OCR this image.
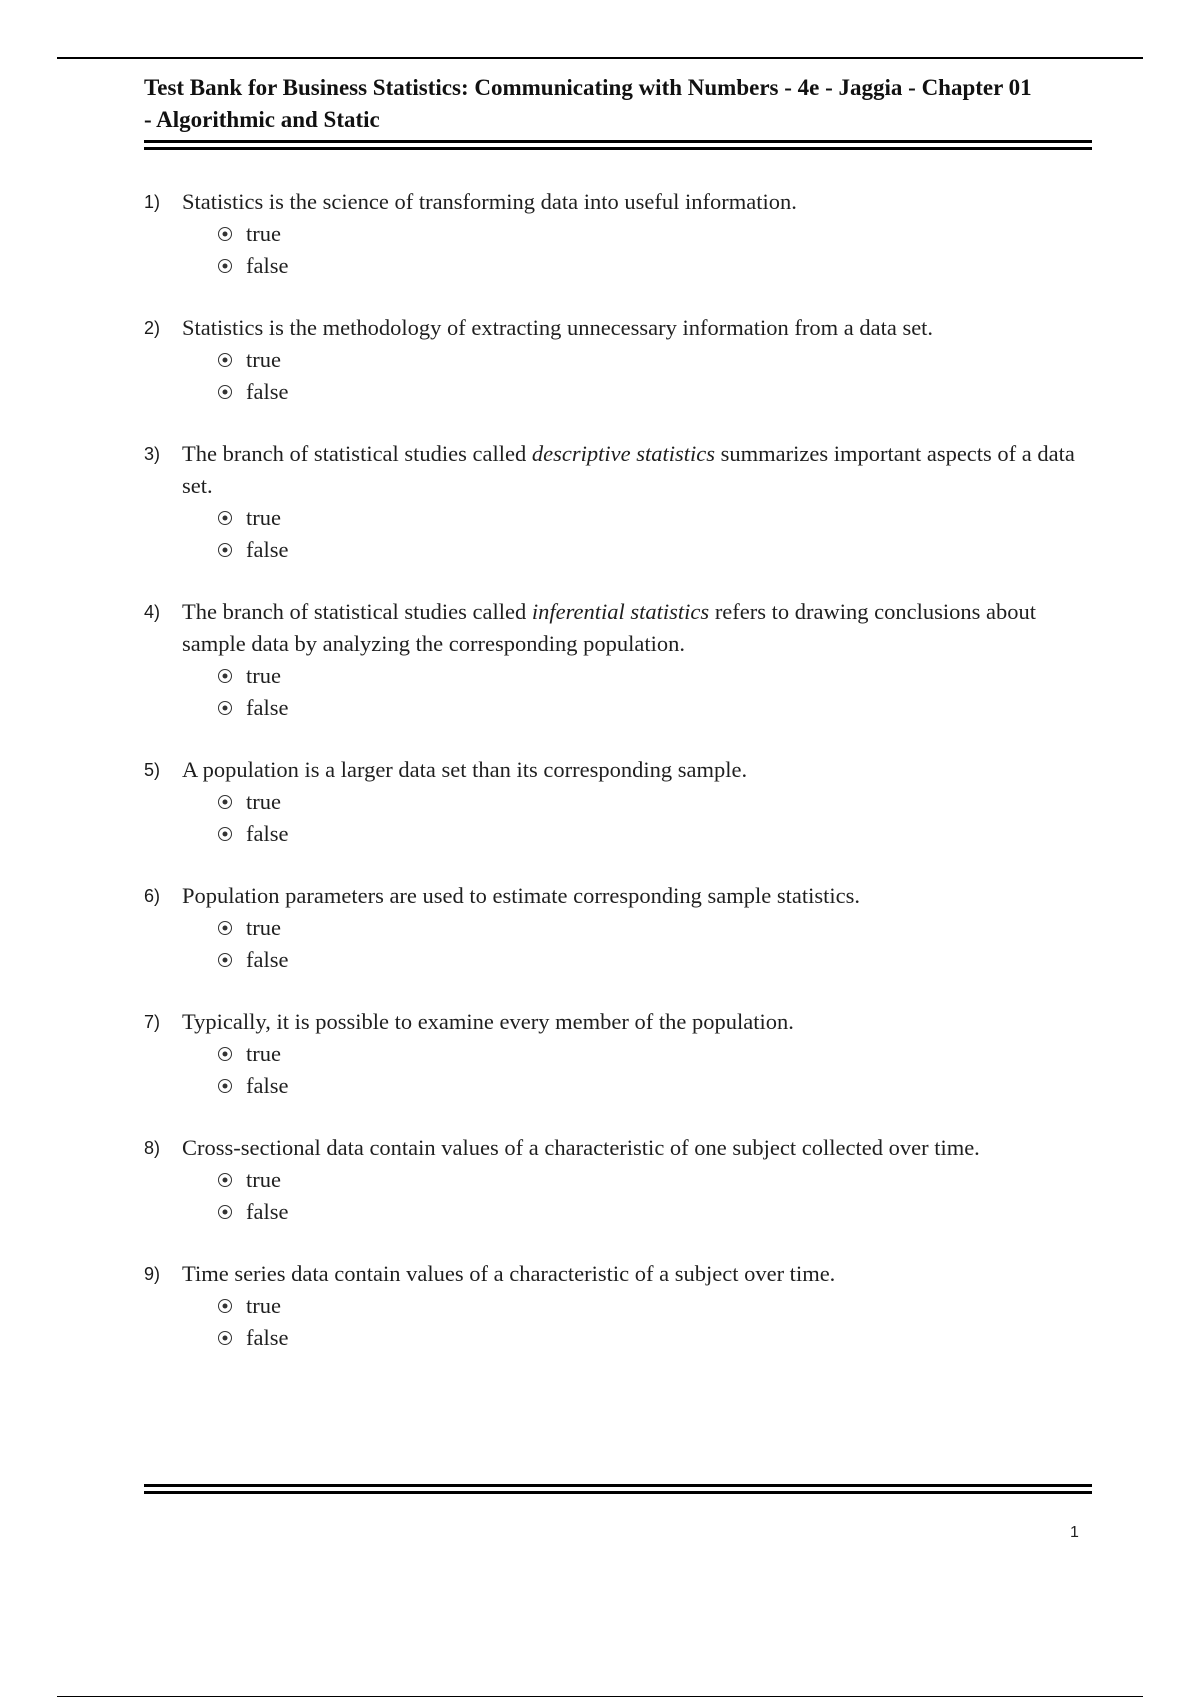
Test Bank for Business Statistics: Communicating with Numbers - 4e - Jaggia - Chapter 01
- Algorithmic and Static
1) Statistics is the science of transforming data into useful information.
true
false
2) Statistics is the methodology of extracting unnecessary information from a data set.
true
false
3) The branch of statistical studies called descriptive statistics summarizes important aspects of a data set.
true
false
4) The branch of statistical studies called inferential statistics refers to drawing conclusions about sample data by analyzing the corresponding population.
true
false
5) A population is a larger data set than its corresponding sample.
true
false
6) Population parameters are used to estimate corresponding sample statistics.
true
false
7) Typically, it is possible to examine every member of the population.
true
false
8) Cross-sectional data contain values of a characteristic of one subject collected over time.
true
false
9) Time series data contain values of a characteristic of a subject over time.
true
false
1
